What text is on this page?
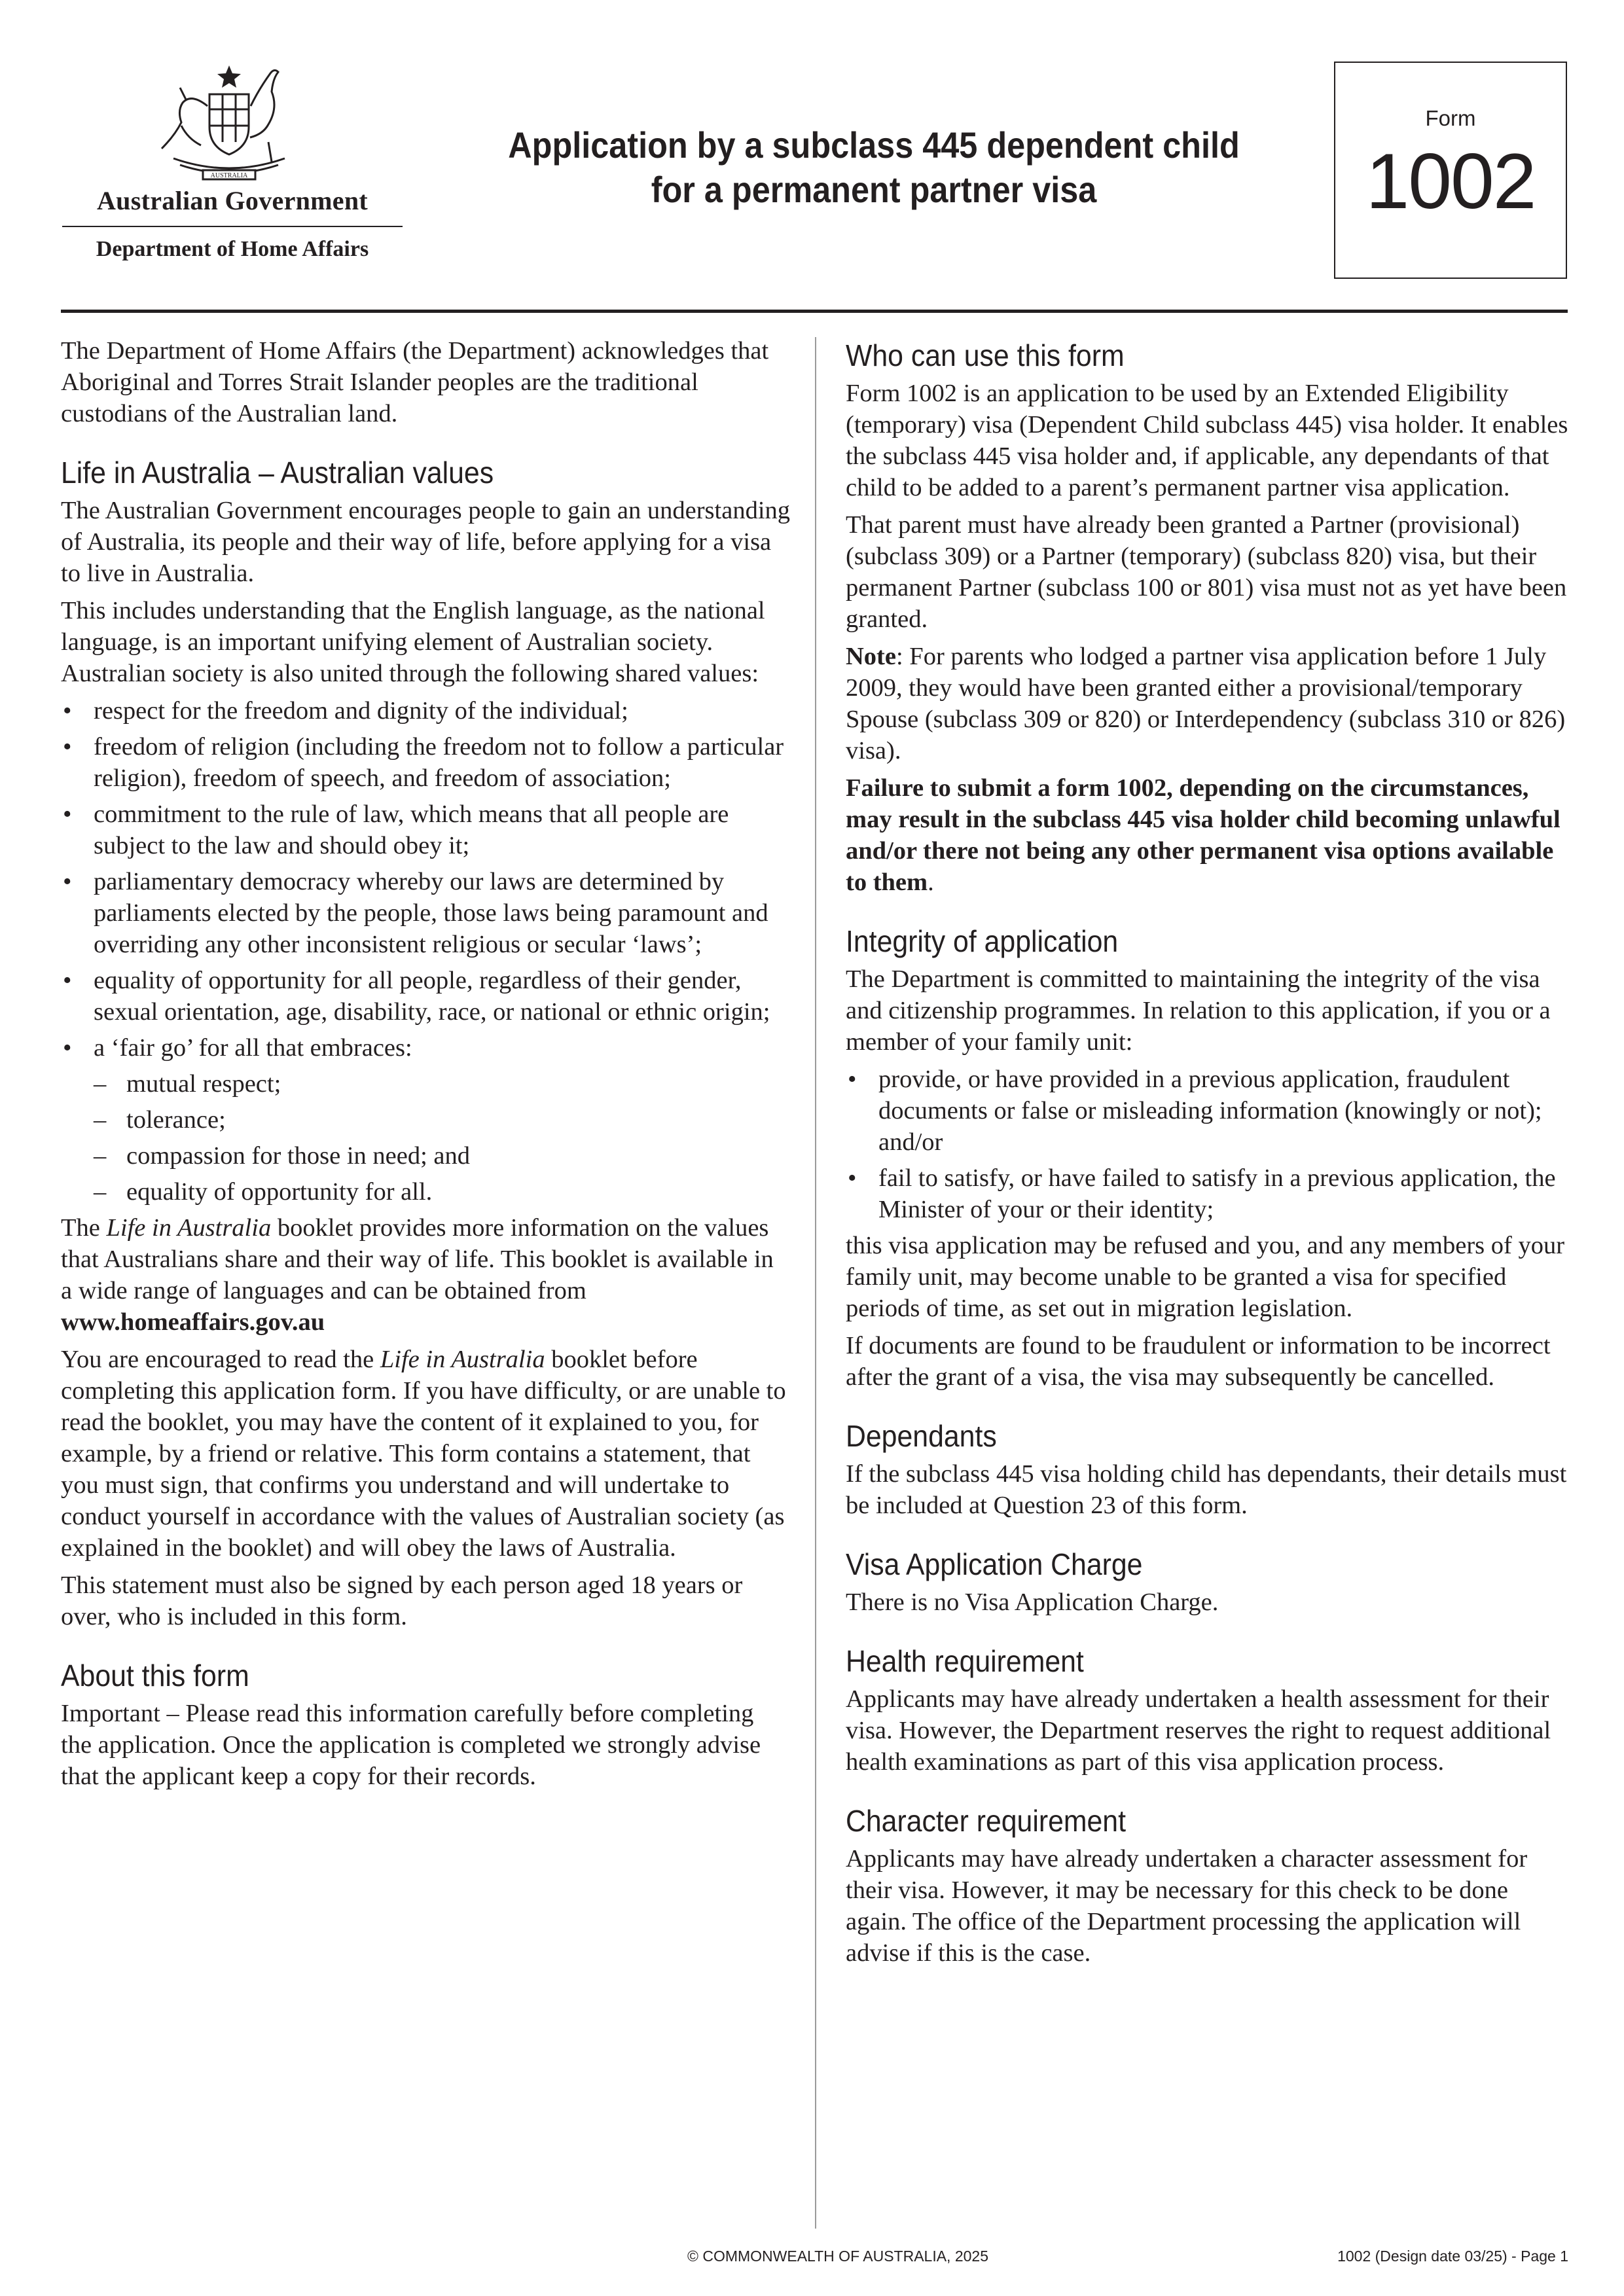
AUSTRALIA
Australian Government
Department of Home Affairs
Application by a subclass 445 dependent child
for a permanent partner visa
Form
1002

The Department of Home Affairs (the Department) acknowledges that Aboriginal and Torres Strait Islander peoples are the traditional custodians of the Australian land.

Life in Australia – Australian values

The Australian Government encourages people to gain an understanding of Australia, its people and their way of life, before applying for a visa to live in Australia.

This includes understanding that the English language, as the national language, is an important unifying element of Australian society. Australian society is also united through the following shared values:

• respect for the freedom and dignity of the individual;
• freedom of religion (including the freedom not to follow a particular religion), freedom of speech, and freedom of association;
• commitment to the rule of law, which means that all people are subject to the law and should obey it;
• parliamentary democracy whereby our laws are determined by parliaments elected by the people, those laws being paramount and overriding any other inconsistent religious or secular ‘laws’;
• equality of opportunity for all people, regardless of their gender, sexual orientation, age, disability, race, or national or ethnic origin;
• a ‘fair go’ for all that embraces:
– mutual respect;
– tolerance;
– compassion for those in need; and
– equality of opportunity for all.

The Life in Australia booklet provides more information on the values that Australians share and their way of life. This booklet is available in a wide range of languages and can be obtained from
www.homeaffairs.gov.au

You are encouraged to read the Life in Australia booklet before completing this application form. If you have difficulty, or are unable to read the booklet, you may have the content of it explained to you, for example, by a friend or relative. This form contains a statement, that you must sign, that confirms you understand and will undertake to conduct yourself in accordance with the values of Australian society (as explained in the booklet) and will obey the laws of Australia.

This statement must also be signed by each person aged 18 years or over, who is included in this form.

About this form

Important – Please read this information carefully before completing the application. Once the application is completed we strongly advise that the applicant keep a copy for their records.

Who can use this form

Form 1002 is an application to be used by an Extended Eligibility (temporary) visa (Dependent Child subclass 445) visa holder. It enables the subclass 445 visa holder and, if applicable, any dependants of that child to be added to a parent’s permanent partner visa application.

That parent must have already been granted a Partner (provisional) (subclass 309) or a Partner (temporary) (subclass 820) visa, but their permanent Partner (subclass 100 or 801) visa must not as yet have been granted.

Note: For parents who lodged a partner visa application before 1 July 2009, they would have been granted either a provisional/temporary Spouse (subclass 309 or 820) or Interdependency (subclass 310 or 826) visa).

Failure to submit a form 1002, depending on the circumstances, may result in the subclass 445 visa holder child becoming unlawful and/or there not being any other permanent visa options available to them.

Integrity of application

The Department is committed to maintaining the integrity of the visa and citizenship programmes. In relation to this application, if you or a member of your family unit:

• provide, or have provided in a previous application, fraudulent documents or false or misleading information (knowingly or not); and/or
• fail to satisfy, or have failed to satisfy in a previous application, the Minister of your or their identity;

this visa application may be refused and you, and any members of your family unit, may become unable to be granted a visa for specified periods of time, as set out in migration legislation.

If documents are found to be fraudulent or information to be incorrect after the grant of a visa, the visa may subsequently be cancelled.

Dependants

If the subclass 445 visa holding child has dependants, their details must be included at Question 23 of this form.

Visa Application Charge

There is no Visa Application Charge.

Health requirement

Applicants may have already undertaken a health assessment for their visa. However, the Department reserves the right to request additional health examinations as part of this visa application process.

Character requirement

Applicants may have already undertaken a character assessment for their visa. However, it may be necessary for this check to be done again. The office of the Department processing the application will advise if this is the case.

© COMMONWEALTH OF AUSTRALIA, 2025	1002 (Design date 03/25) - Page 1
